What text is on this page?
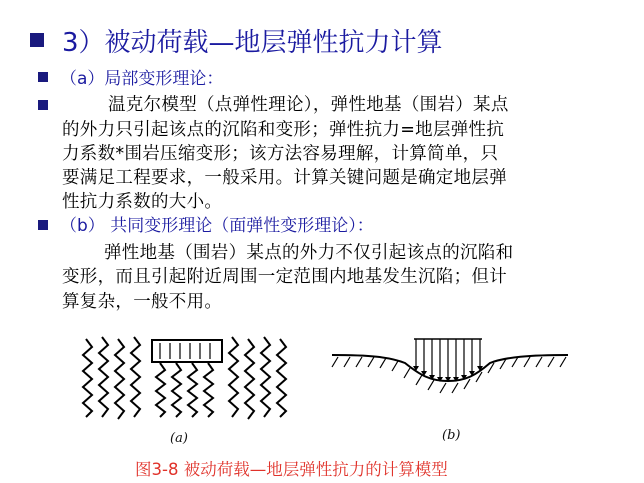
3）被动荷载—地层弹性抗力计算
（a）局部变形理论：
温克尔模型（点弹性理论），弹性地基（围岩）某点
的外力只引起该点的沉陷和变形；弹性抗力=地层弹性抗
力系数*围岩压缩变形；该方法容易理解，计算简单，只
要满足工程要求，一般采用。计算关键问题是确定地层弹
性抗力系数的大小。
（b） 共同变形理论（面弹性变形理论）：
弹性地基（围岩）某点的外力不仅引起该点的沉陷和
变形，而且引起附近周围一定范围内地基发生沉陷；但计
算复杂，一般不用。
(a)	(b)
图3-8 被动荷载—地层弹性抗力的计算模型
